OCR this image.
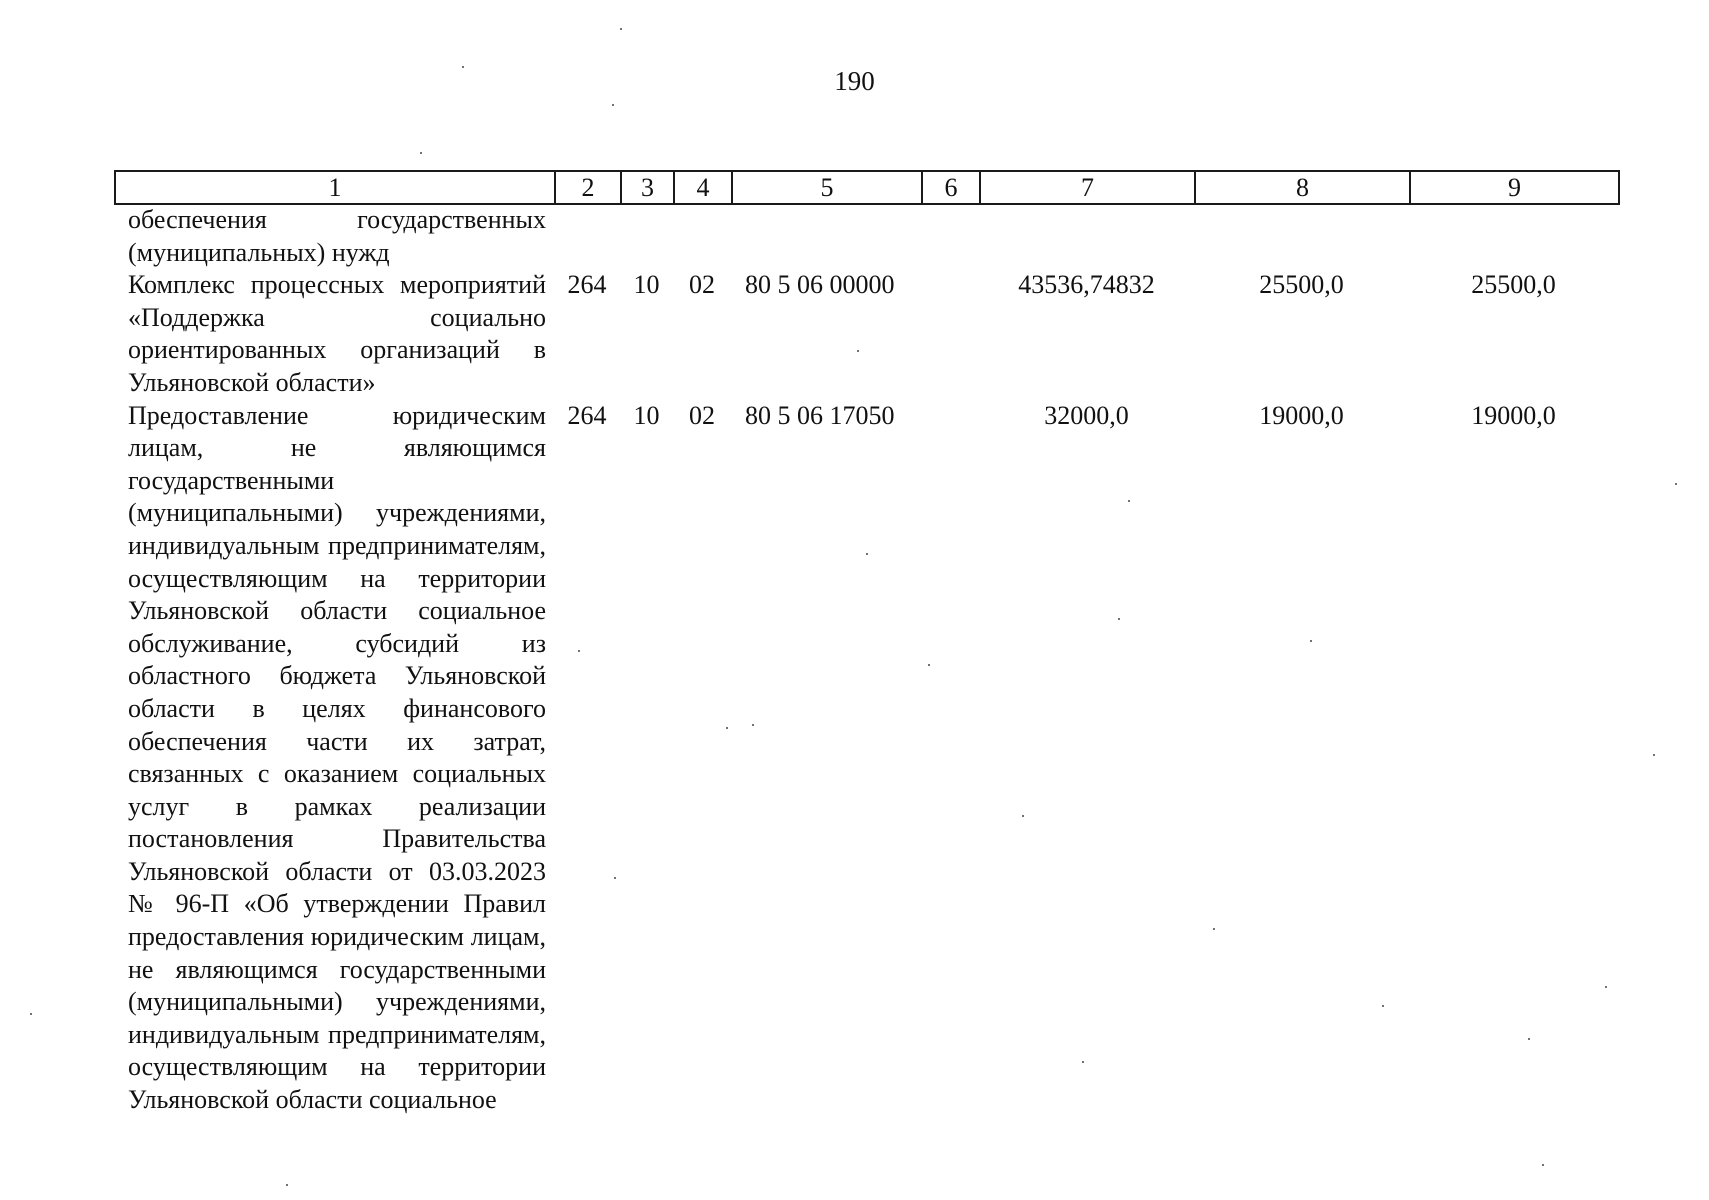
190
1	2	3	4	5	6	7	8	9
обеспечения государственных (муниципальных) нужд								
Комплекс процессных мероприятий «Поддержка социально ориентированных организаций в Ульяновской области»	264	10	02	80 5 06 00000		43536,74832	25500,0	25500,0
Предоставление юридическим лицам, не являющимся государственными (муниципальными) учреждениями, индивидуальным предпринимателям, осуществляющим на территории Ульяновской области социальное обслуживание, субсидий из областного бюджета Ульяновской области в целях финансового обеспечения части их затрат, связанных с оказанием социальных услуг в рамках реализации постановления Правительства Ульяновской области от 03.03.2023 № 96-П «Об утверждении Правил предоставления юридическим лицам, не являющимся государственными (муниципальными) учреждениями, индивидуальным предпринимателям, осуществляющим на территории Ульяновской области социальное	264	10	02	80 5 06 17050		32000,0	19000,0	19000,0
